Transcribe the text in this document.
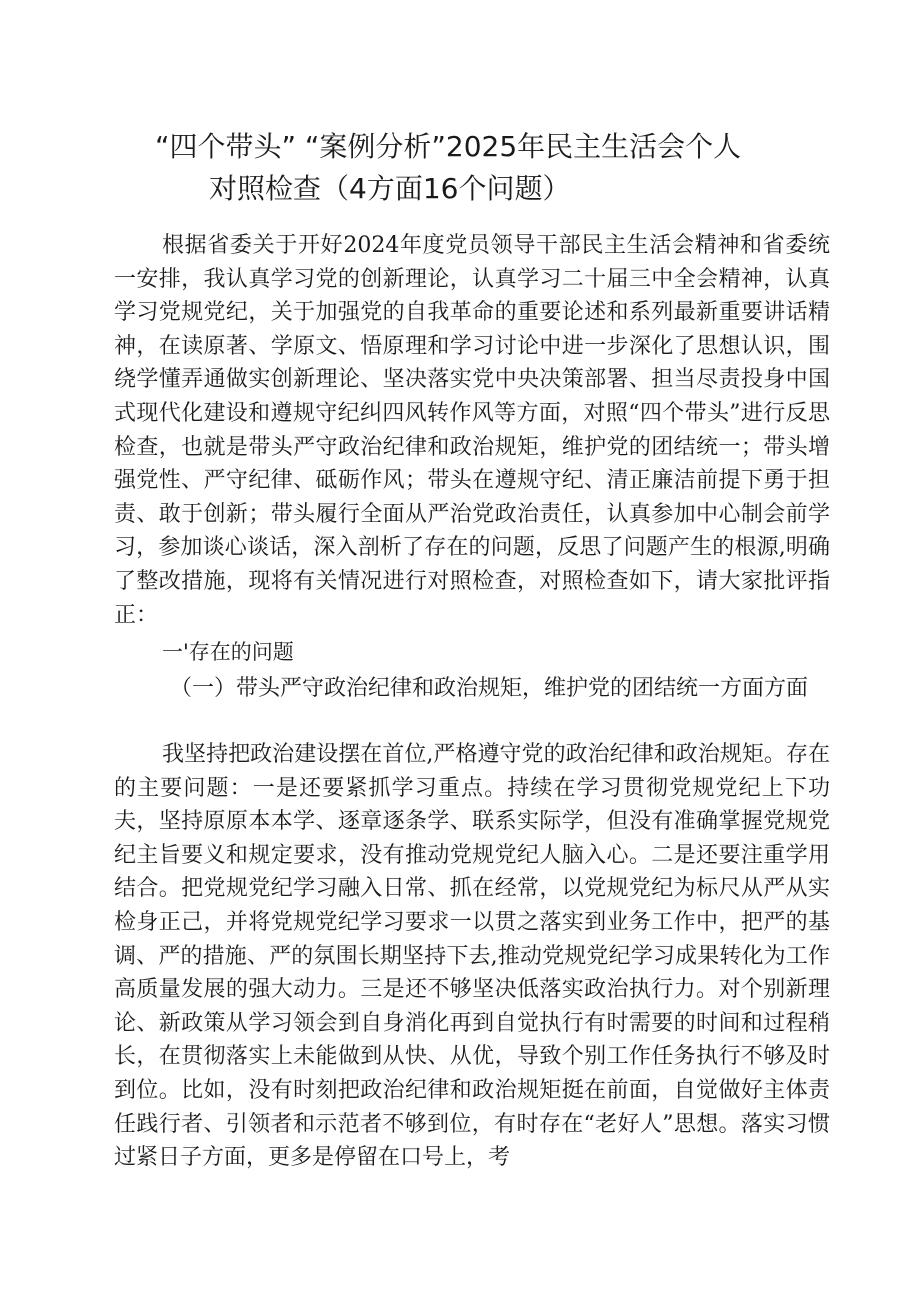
“四个带头” “案例分析”2025年民主生活会个人
对照检查（4方面16个问题）

根据省委关于开好2024年度党员领导干部民主生活会精神和省委统一安排，我认真学习党的创新理论，认真学习二十届三中全会精神，认真学习党规党纪，关于加强党的自我革命的重要论述和系列最新重要讲话精神，在读原著、学原文、悟原理和学习讨论中进一步深化了思想认识，围绕学懂弄通做实创新理论、坚决落实党中央决策部署、担当尽责投身中国式现代化建设和遵规守纪纠四风转作风等方面，对照“四个带头”进行反思检查，也就是带头严守政治纪律和政治规矩，维护党的团结统一；带头增强党性、严守纪律、砥砺作风；带头在遵规守纪、清正廉洁前提下勇于担责、敢于创新；带头履行全面从严治党政治责任，认真参加中心制会前学习，参加谈心谈话，深入剖析了存在的问题，反思了问题产生的根源,明确了整改措施，现将有关情况进行对照检查，对照检查如下，请大家批评指正：

一'存在的问题

（一）带头严守政治纪律和政治规矩，维护党的团结统一方面方面

我坚持把政治建设摆在首位,严格遵守党的政治纪律和政治规矩。存在的主要问题：一是还要紧抓学习重点。持续在学习贯彻党规党纪上下功夫，坚持原原本本学、逐章逐条学、联系实际学，但没有准确掌握党规党纪主旨要义和规定要求，没有推动党规党纪人脑入心。二是还要注重学用结合。把党规党纪学习融入日常、抓在经常，以党规党纪为标尺从严从实检身正己，并将党规党纪学习要求一以贯之落实到业务工作中，把严的基调、严的措施、严的氛围长期坚持下去,推动党规党纪学习成果转化为工作高质量发展的强大动力。三是还不够坚决低落实政治执行力。对个别新理论、新政策从学习领会到自身消化再到自觉执行有时需要的时间和过程稍长，在贯彻落实上未能做到从快、从优，导致个别工作任务执行不够及时到位。比如，没有时刻把政治纪律和政治规矩挺在前面，自觉做好主体责任践行者、引领者和示范者不够到位，有时存在“老好人”思想。落实习惯过紧日子方面，更多是停留在口号上，考
